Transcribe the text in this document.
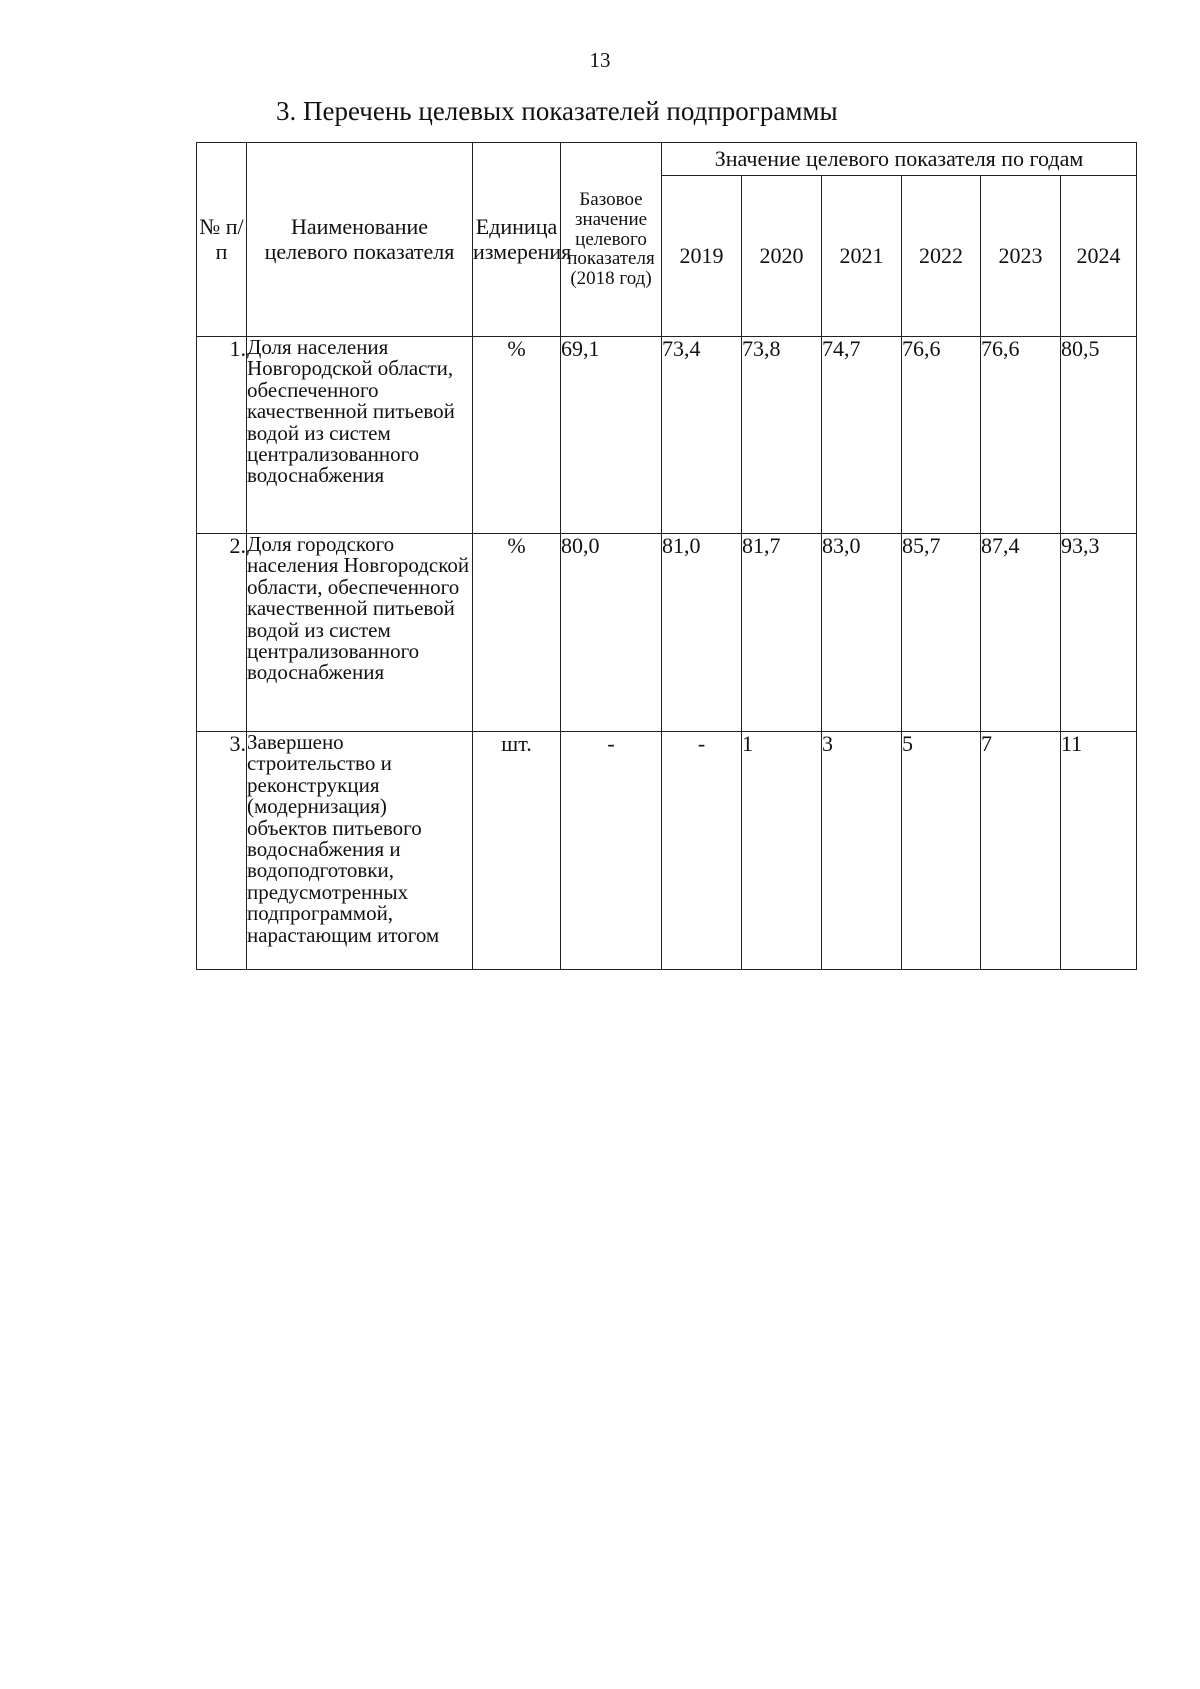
13
3. Перечень целевых показателей подпрограммы
№ п/п	Наименование целевого показателя	Единица измерения	Базовое значение целевого показателя (2018 год)	Значение целевого показателя по годам					
				2019	2020	2021	2022	2023	2024
1.	Доля населения Новгородской области, обеспеченного качественной питьевой водой из систем централизованного водоснабжения	%	69,1	73,4	73,8	74,7	76,6	76,6	80,5
2.	Доля городского населения Новгородской области, обеспеченного качественной питьевой водой из систем централизованного водоснабжения	%	80,0	81,0	81,7	83,0	85,7	87,4	93,3
3.	Завершено строительство и реконструкция (модернизация) объектов питьевого водоснабжения и водоподготовки, предусмотренных подпрограммой, нарастающим итогом	шт.	-	-	1	3	5	7	11
